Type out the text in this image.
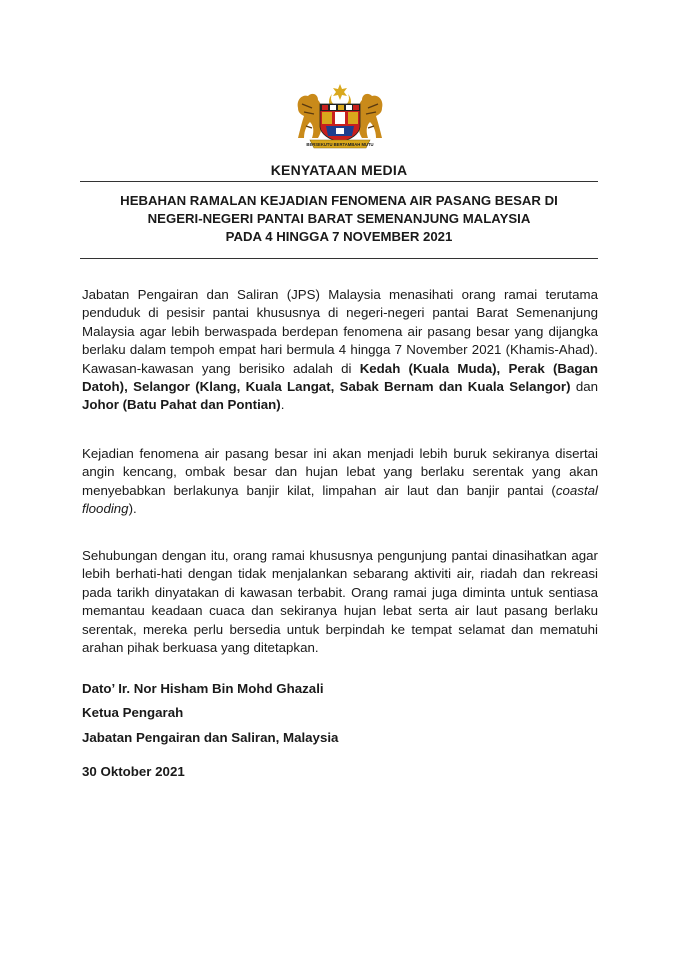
BERSEKUTU BERTAMBAH MUTU
KENYATAAN MEDIA
HEBAHAN RAMALAN KEJADIAN FENOMENA AIR PASANG BESAR DI
NEGERI-NEGERI PANTAI BARAT SEMENANJUNG MALAYSIA
PADA 4 HINGGA 7 NOVEMBER 2021
Jabatan Pengairan dan Saliran (JPS) Malaysia menasihati orang ramai terutama penduduk di pesisir pantai khususnya di negeri-negeri pantai Barat Semenanjung Malaysia agar lebih berwaspada berdepan fenomena air pasang besar yang dijangka berlaku dalam tempoh empat hari bermula 4 hingga 7 November 2021 (Khamis-Ahad). Kawasan-kawasan yang berisiko adalah di Kedah (Kuala Muda), Perak (Bagan Datoh), Selangor (Klang, Kuala Langat, Sabak Bernam dan Kuala Selangor) dan Johor (Batu Pahat dan Pontian).
Kejadian fenomena air pasang besar ini akan menjadi lebih buruk sekiranya disertai angin kencang, ombak besar dan hujan lebat yang berlaku serentak yang akan menyebabkan berlakunya banjir kilat, limpahan air laut dan banjir pantai (coastal flooding).
Sehubungan dengan itu, orang ramai khususnya pengunjung pantai dinasihatkan agar lebih berhati-hati dengan tidak menjalankan sebarang aktiviti air, riadah dan rekreasi pada tarikh dinyatakan di kawasan terbabit. Orang ramai juga diminta untuk sentiasa memantau keadaan cuaca dan sekiranya hujan lebat serta air laut pasang berlaku serentak, mereka perlu bersedia untuk berpindah ke tempat selamat dan mematuhi arahan pihak berkuasa yang ditetapkan.
Dato’ Ir. Nor Hisham Bin Mohd Ghazali
Ketua Pengarah
Jabatan Pengairan dan Saliran, Malaysia
30 Oktober 2021
